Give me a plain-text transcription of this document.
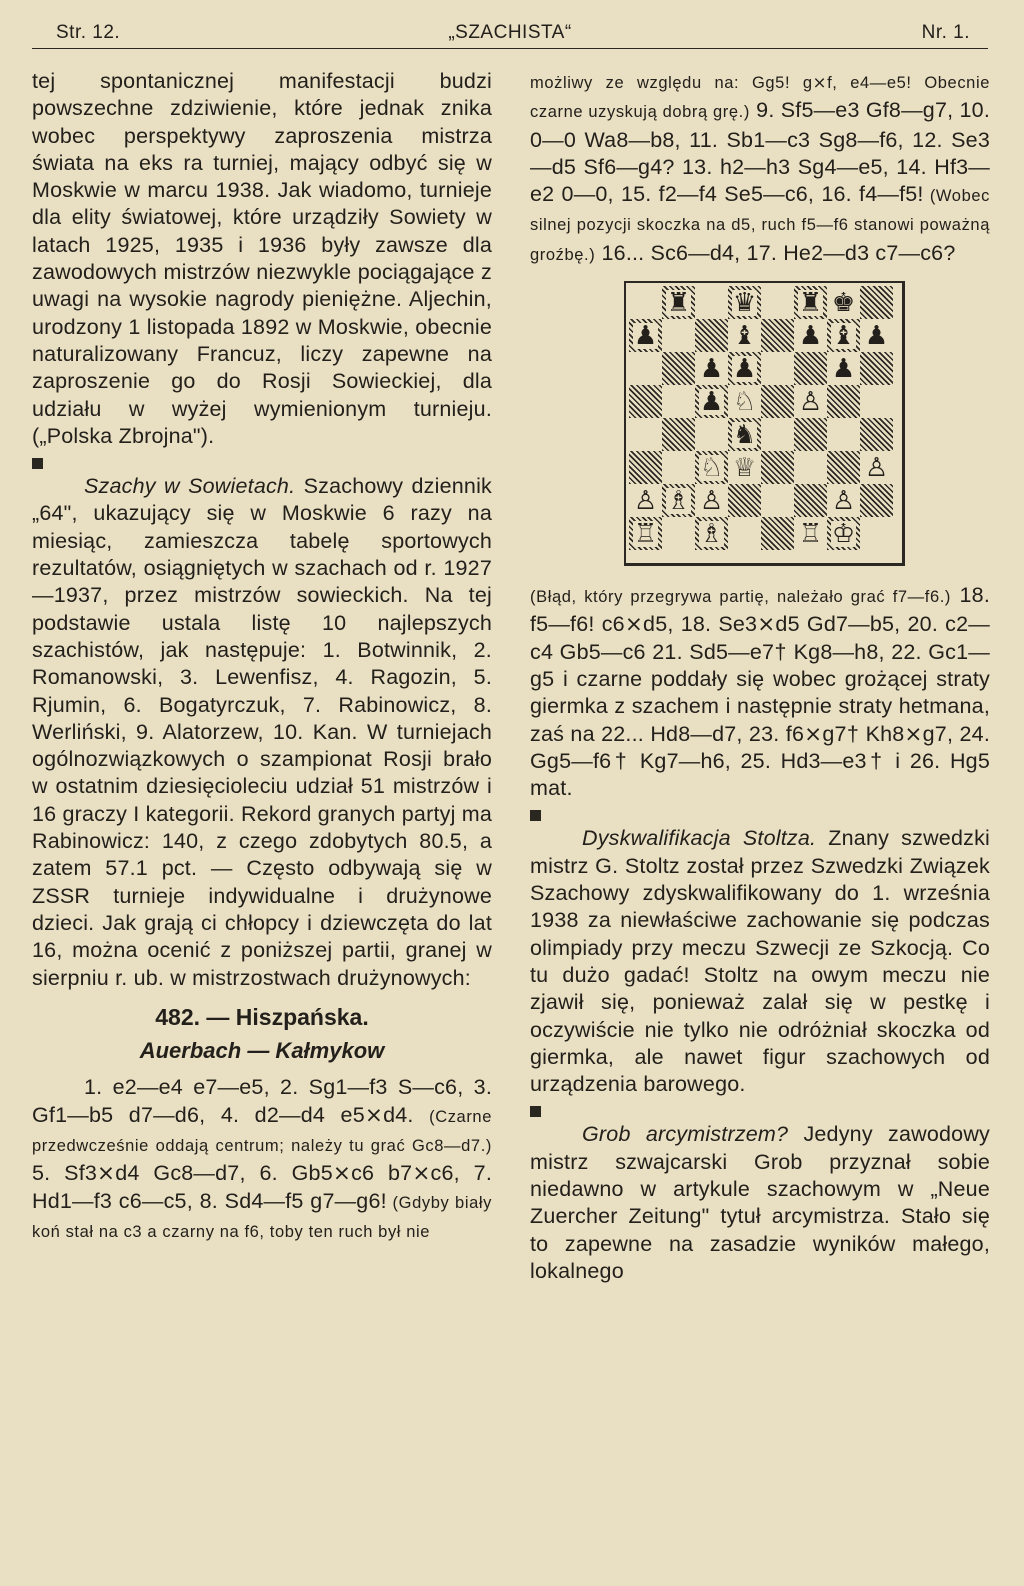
Str. 12.	„SZACHISTA“	Nr. 1.

tej spontanicznej manifestacji budzi powszechne zdziwienie, które jednak znika wobec perspektywy zaproszenia mistrza świata na eks ra turniej, mający odbyć się w Moskwie w marcu 1938. Jak wiadomo, turnieje dla elity światowej, które urządziły Sowiety w latach 1925, 1935 i 1936 były zawsze dla zawodowych mistrzów niezwykle pociągające z uwagi na wysokie nagrody pieniężne. Aljechin, urodzony 1 listopada 1892 w Moskwie, obecnie naturalizowany Francuz, liczy zapewne na zaproszenie go do Rosji Sowieckiej, dla udziału w wyżej wymienionym turnieju. („Polska Zbrojna").

Szachy w Sowietach. Szachowy dziennik „64", ukazujący się w Moskwie 6 razy na miesiąc, zamieszcza tabelę sportowych rezultatów, osiągniętych w szachach od r. 1927—1937, przez mistrzów sowieckich. Na tej podstawie ustala listę 10 najlepszych szachistów, jak następuje: 1. Botwinnik, 2. Romanowski, 3. Lewenfisz, 4. Ragozin, 5. Rjumin, 6. Bogatyrczuk, 7. Rabinowicz, 8. Werliński, 9. Alatorzew, 10. Kan. W turniejach ogólnozwiązkowych o szampionat Rosji brało w ostatnim dziesięcioleciu udział 51 mistrzów i 16 graczy I kategorii. Rekord granych partyj ma Rabinowicz: 140, z czego zdobytych 80.5, a zatem 57.1 pct. — Często odbywają się w ZSSR turnieje indywidualne i drużynowe dzieci. Jak grają ci chłopcy i dziewczęta do lat 16, można ocenić z poniższej partii, granej w sierpniu r. ub. w mistrzostwach drużynowych:

482. — Hiszpańska.
Auerbach — Kałmykow

1. e2—e4 e7—e5, 2. Sg1—f3 S—c6, 3. Gf1—b5 d7—d6, 4. d2—d4 e5⨯d4. (Czarne przedwcześnie oddają centrum; należy tu grać Gc8—d7.) 5. Sf3⨯d4 Gc8—d7, 6. Gb5⨯c6 b7⨯c6, 7. Hd1—f3 c6—c5, 8. Sd4—f5 g7—g6! (Gdyby biały koń stał na c3 a czarny na f6, toby ten ruch był nie

możliwy ze względu na: Gg5! g⨯f, e4—e5! Obecnie czarne uzyskują dobrą grę.) 9. Sf5—e3 Gf8—g7, 10. 0—0 Wa8—b8, 11. Sb1—c3 Sg8—f6, 12. Se3—d5 Sf6—g4? 13. h2—h3 Sg4—e5, 14. Hf3—e2 0—0, 15. f2—f4 Se5—c6, 16. f4—f5! (Wobec silnej pozycji skoczka na d5, ruch f5—f6 stanowi poważną groźbę.) 16... Sc6—d4, 17. He2—d3 c7—c6?

♜ ♛ ♜ ♚
♟	♝ ♟ ♝ ♟
♟ ♟	♟
♟ ♘ ♙
♞
♘ ♕	♙
♙ ♗ ♙	♙
♖ ♗	♖ ♔

(Błąd, który przegrywa partię, należało grać f7—f6.) 18. f5—f6! c6⨯d5, 18. Se3⨯d5 Gd7—b5, 20. c2—c4 Gb5—c6 21. Sd5—e7† Kg8—h8, 22. Gc1—g5 i czarne poddały się wobec grożącej straty giermka z szachem i następnie straty hetmana, zaś na 22... Hd8—d7, 23. f6⨯g7† Kh8⨯g7, 24. Gg5—f6† Kg7—h6, 25. Hd3—e3† i 26. Hg5 mat.

Dyskwalifikacja Stoltza. Znany szwedzki mistrz G. Stoltz został przez Szwedzki Związek Szachowy zdyskwalifikowany do 1. września 1938 za niewłaściwe zachowanie się podczas olimpiady przy meczu Szwecji ze Szkocją. Co tu dużo gadać! Stoltz na owym meczu nie zjawił się, ponieważ zalał się w pestkę i oczywiście nie tylko nie odróżniał skoczka od giermka, ale nawet figur szachowych od urządzenia barowego.

Grob arcymistrzem? Jedyny zawodowy mistrz szwajcarski Grob przyznał sobie niedawno w artykule szachowym w „Neue Zuercher Zeitung" tytuł arcymistrza. Stało się to zapewne na zasadzie wyników małego, lokalnego
